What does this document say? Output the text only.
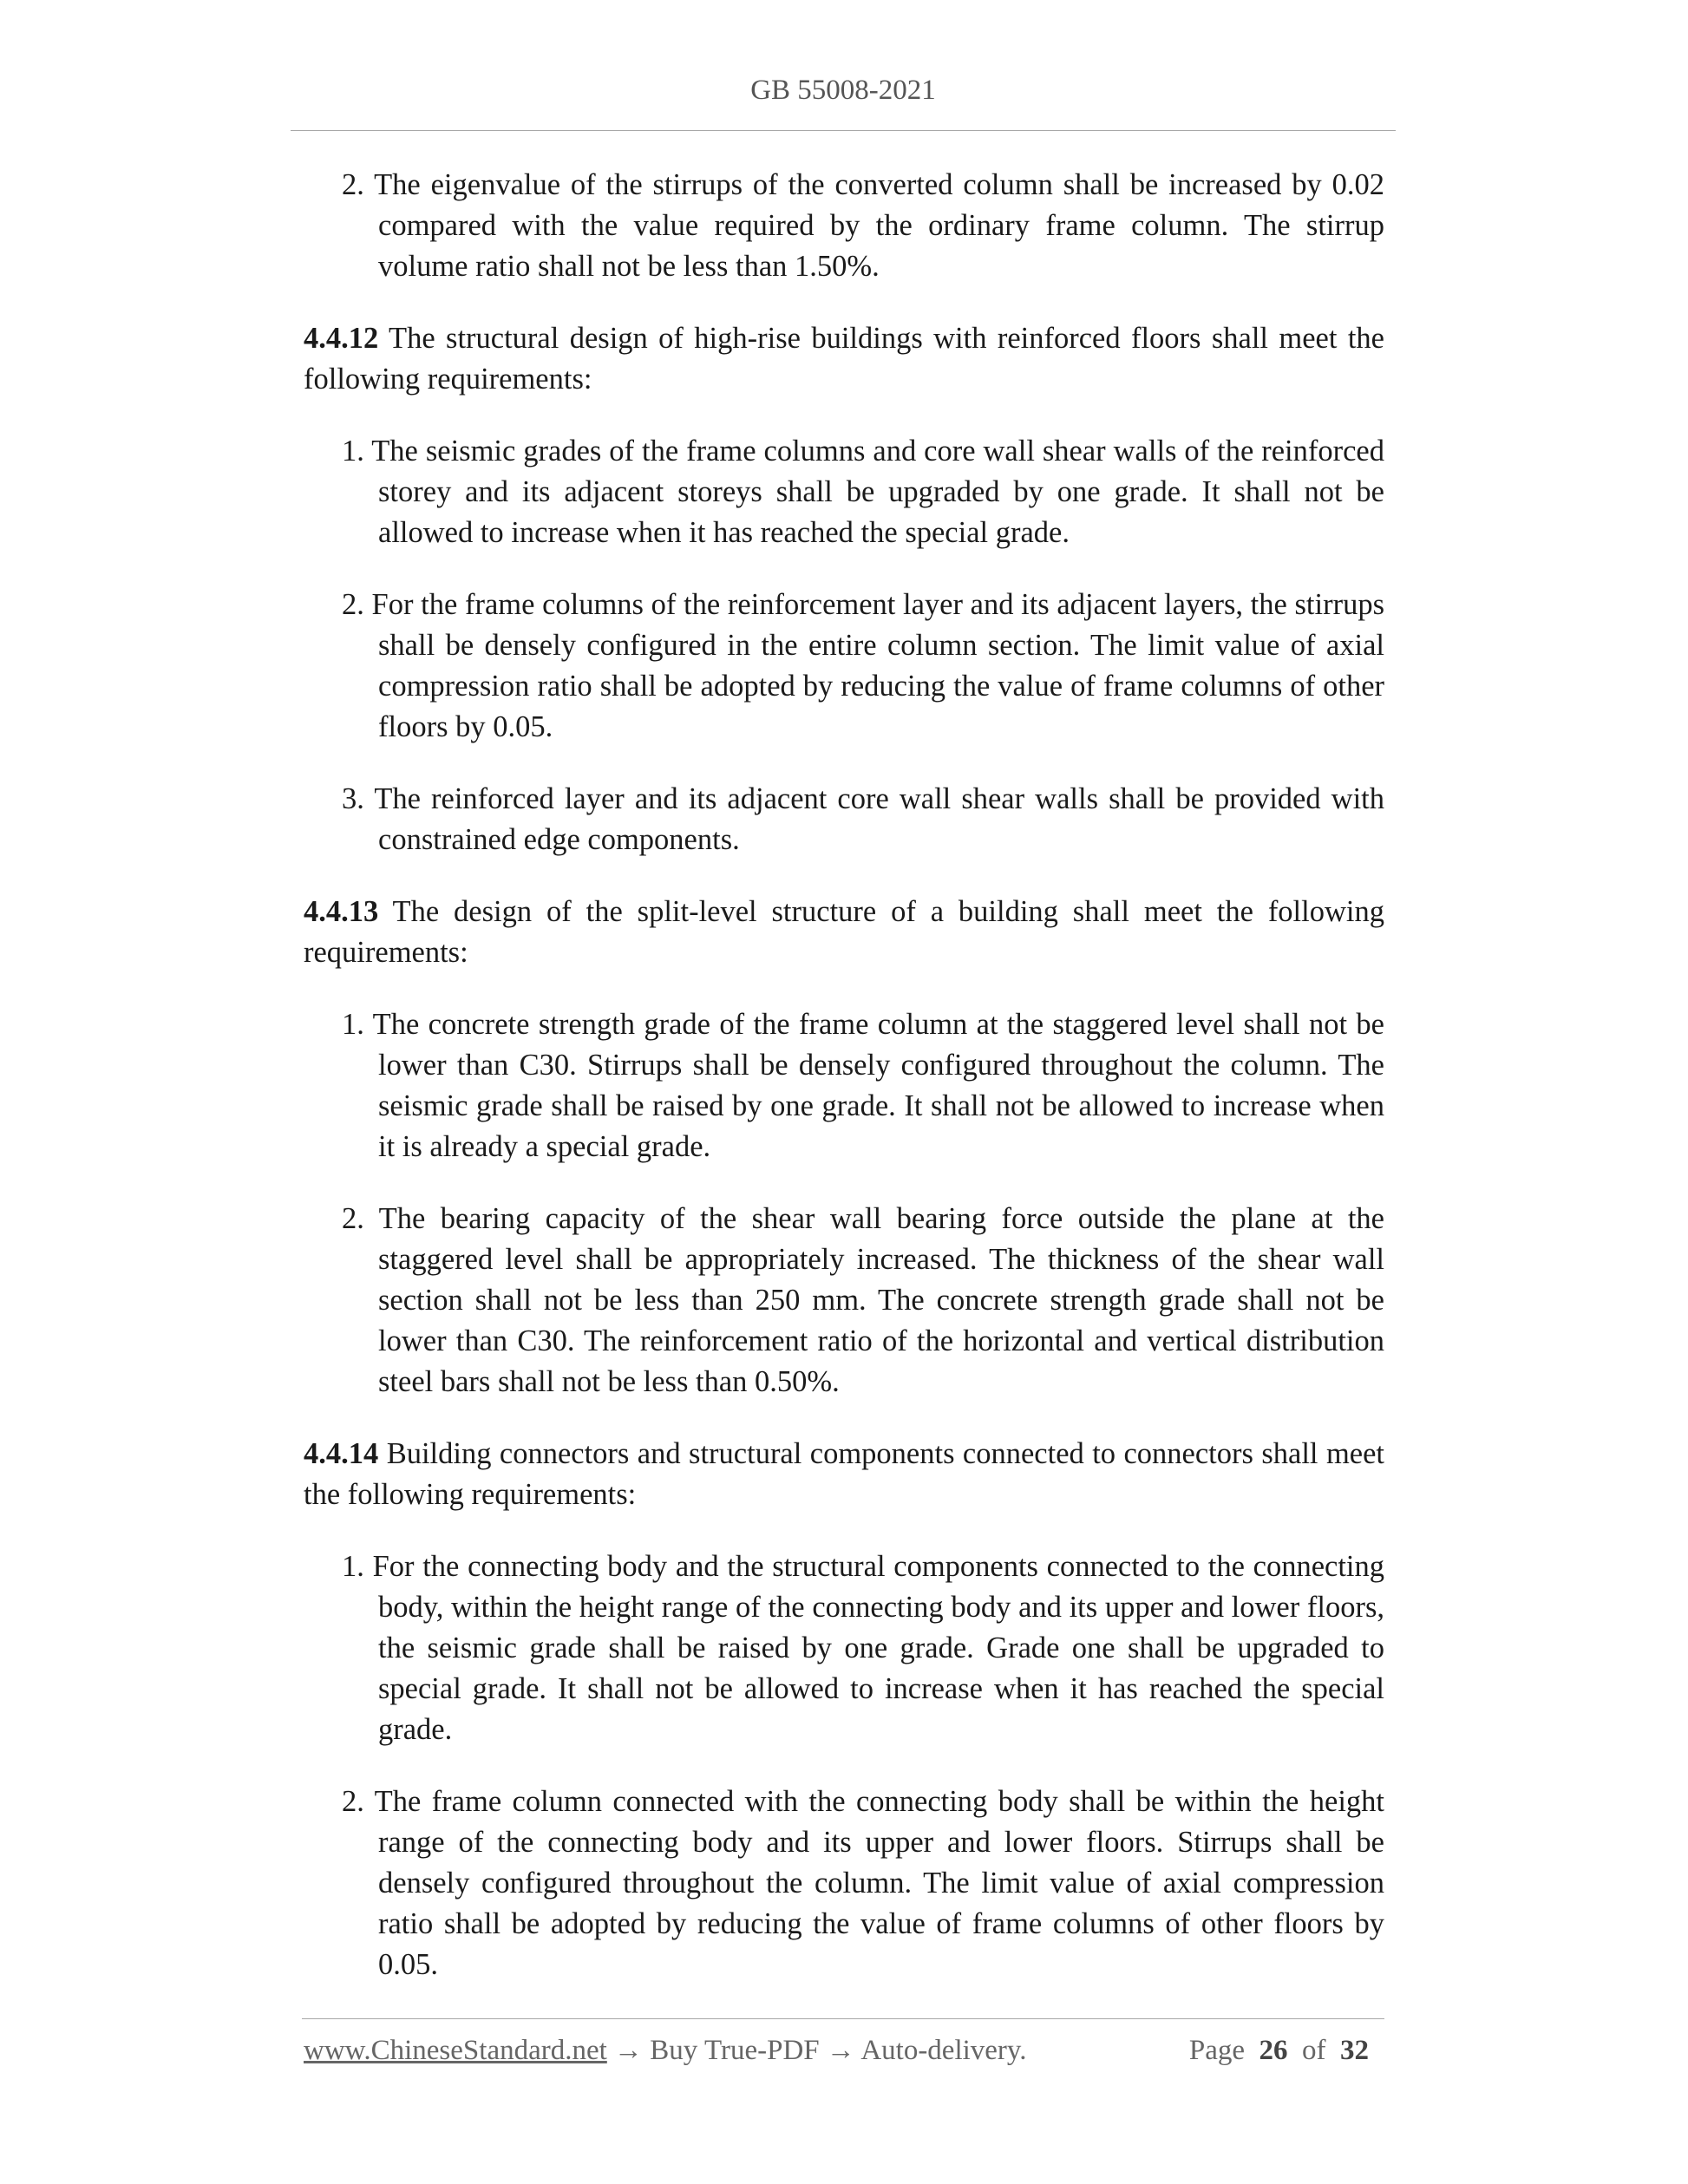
GB 55008-2021

2. The eigenvalue of the stirrups of the converted column shall be increased by 0.02 compared with the value required by the ordinary frame column. The stirrup volume ratio shall not be less than 1.50%.

4.4.12 The structural design of high-rise buildings with reinforced floors shall meet the following requirements:

1. The seismic grades of the frame columns and core wall shear walls of the reinforced storey and its adjacent storeys shall be upgraded by one grade. It shall not be allowed to increase when it has reached the special grade.

2. For the frame columns of the reinforcement layer and its adjacent layers, the stirrups shall be densely configured in the entire column section. The limit value of axial compression ratio shall be adopted by reducing the value of frame columns of other floors by 0.05.

3. The reinforced layer and its adjacent core wall shear walls shall be provided with constrained edge components.

4.4.13 The design of the split-level structure of a building shall meet the following requirements:

1. The concrete strength grade of the frame column at the staggered level shall not be lower than C30. Stirrups shall be densely configured throughout the column. The seismic grade shall be raised by one grade. It shall not be allowed to increase when it is already a special grade.

2. The bearing capacity of the shear wall bearing force outside the plane at the staggered level shall be appropriately increased. The thickness of the shear wall section shall not be less than 250 mm. The concrete strength grade shall not be lower than C30. The reinforcement ratio of the horizontal and vertical distribution steel bars shall not be less than 0.50%.

4.4.14 Building connectors and structural components connected to connectors shall meet the following requirements:

1. For the connecting body and the structural components connected to the connecting body, within the height range of the connecting body and its upper and lower floors, the seismic grade shall be raised by one grade. Grade one shall be upgraded to special grade. It shall not be allowed to increase when it has reached the special grade.

2. The frame column connected with the connecting body shall be within the height range of the connecting body and its upper and lower floors. Stirrups shall be densely configured throughout the column. The limit value of axial compression ratio shall be adopted by reducing the value of frame columns of other floors by 0.05.

www.ChineseStandard.net → Buy True-PDF → Auto-delivery.	Page 26 of 32
